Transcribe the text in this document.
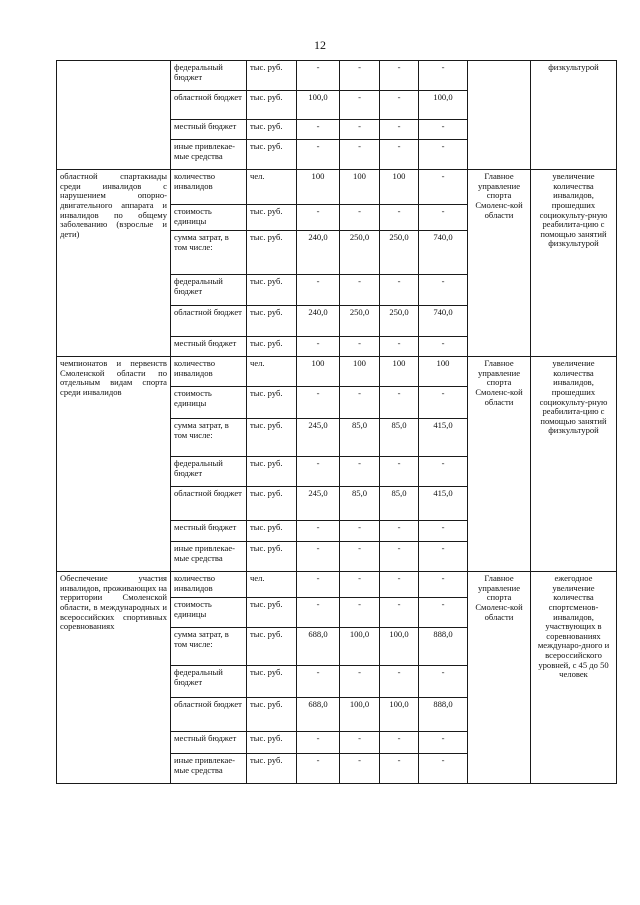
12
	федеральный бюджет	тыс. руб.	-	-	-	-		физкультурой
	областной бюджет	тыс. руб.	100,0	-	-	100,0		
	местный бюджет	тыс. руб.	-	-	-	-		
	иные привлекае-мые средства	тыс. руб.	-	-	-	-		
областной спартакиады среди инвалидов с нарушением опорно-двигательного аппарата и инвалидов по общему заболеванию (взрослые и дети)	количество инвалидов	чел.	100	100	100	-	Главное управление спорта Смоленс-кой области	увеличение количества инвалидов, прошедших социокульту-рную реабилита-цию с помощью занятий физкультурой
	стоимость единицы	тыс. руб.	-	-	-	-		
	сумма затрат, в том числе:	тыс. руб.	240,0	250,0	250,0	740,0		
	федеральный бюджет	тыс. руб.	-	-	-	-		
	областной бюджет	тыс. руб.	240,0	250,0	250,0	740,0		
	местный бюджет	тыс. руб.	-	-	-	-		
чемпионатов и первенств Смоленской области по отдельным видам спорта среди инвалидов	количество инвалидов	чел.	100	100	100	100	Главное управление спорта Смоленс-кой области	увеличение количества инвалидов, прошедших социокульту-рную реабилита-цию с помощью занятий физкультурой
	стоимость единицы	тыс. руб.	-	-	-	-		
	сумма затрат, в том числе:	тыс. руб.	245,0	85,0	85,0	415,0		
	федеральный бюджет	тыс. руб.	-	-	-	-		
	областной бюджет	тыс. руб.	245,0	85,0	85,0	415,0		
	местный бюджет	тыс. руб.	-	-	-	-		
	иные привлекае-мые средства	тыс. руб.	-	-	-	-		
Обеспечение участия инвалидов, проживающих на территории Смоленской области, в международных и всероссийских спортивных соревнованиях	количество инвалидов	чел.	-	-	-	-	Главное управление спорта Смоленс-кой области	ежегодное увеличение количества спортсменов-инвалидов, участвующих в соревнованиях междунаро-дного и всероссийского уровней, с 45 до 50 человек
	стоимость единицы	тыс. руб.	-	-	-	-		
	сумма затрат, в том числе:	тыс. руб.	688,0	100,0	100,0	888,0		
	федеральный бюджет	тыс. руб.	-	-	-	-		
	областной бюджет	тыс. руб.	688,0	100,0	100,0	888,0		
	местный бюджет	тыс. руб.	-	-	-	-		
	иные привлекае-мые средства	тыс. руб.	-	-	-	-		
